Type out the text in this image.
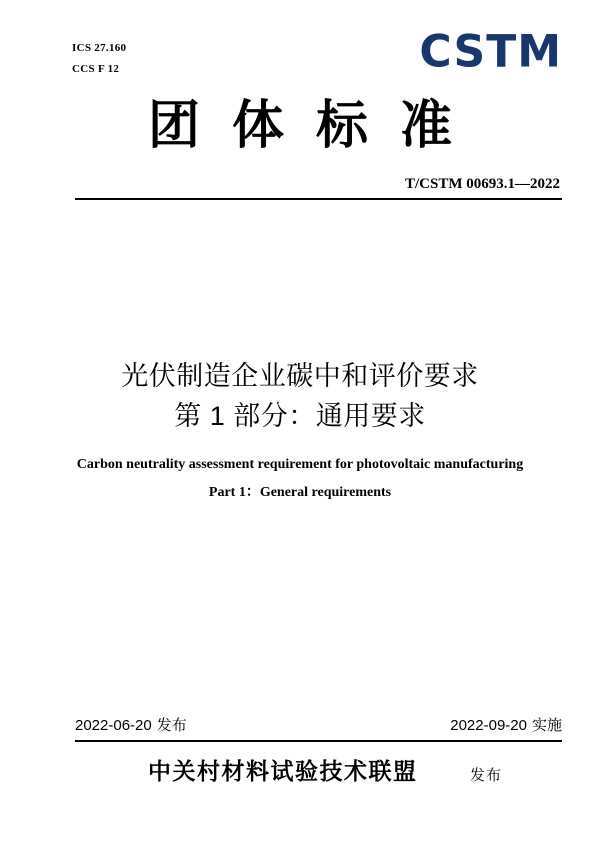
ICS 27.160
CCS F 12	CSTM
团体标准
T/CSTM 00693.1—2022
光伏制造企业碳中和评价要求
第 1 部分：通用要求
Carbon neutrality assessment requirement for photovoltaic manufacturing
Part 1：General requirements
2022-06-20 发布	2022-09-20 实施
中关村材料试验技术联盟	发布
